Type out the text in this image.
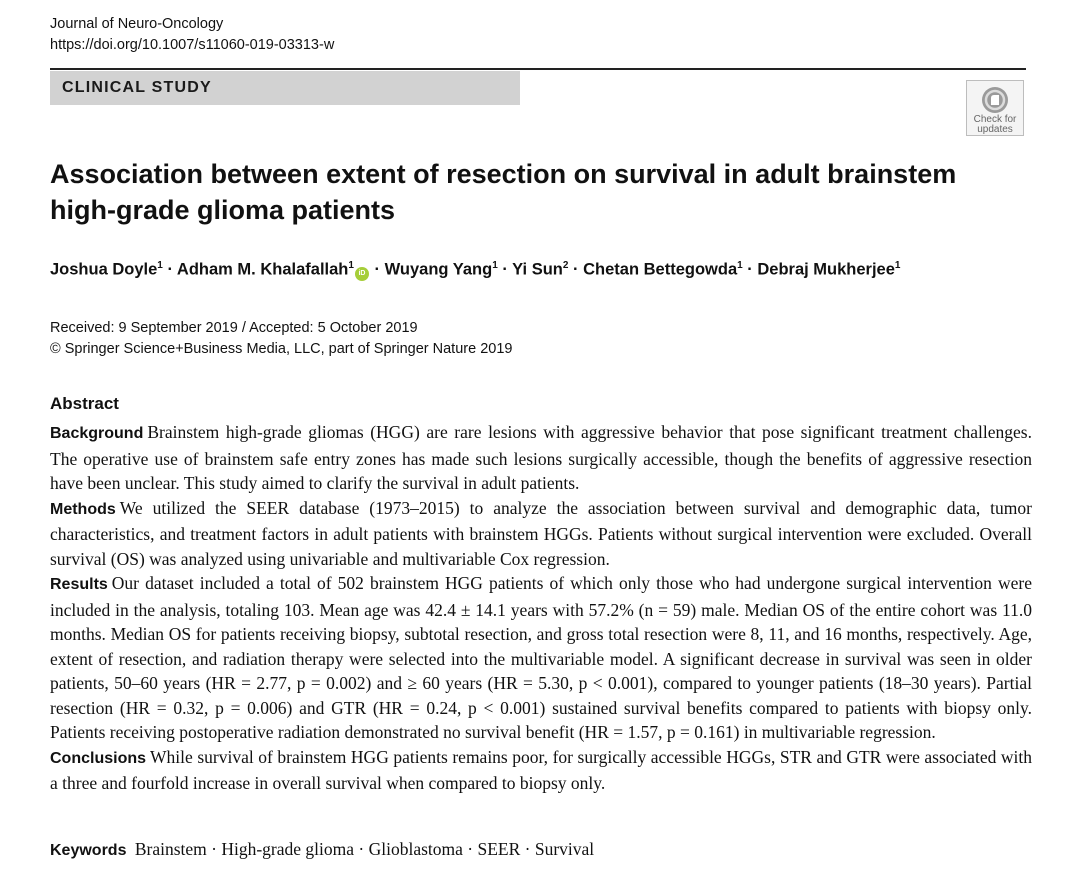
Journal of Neuro-Oncology
https://doi.org/10.1007/s11060-019-03313-w
CLINICAL STUDY
Check for
updates
Association between extent of resection on survival in adult brainstem
high-grade glioma patients
Joshua Doyle$^1$ · Adham M. Khalafallah$^1$iD · Wuyang Yang$^1$ · Yi Sun$^2$ · Chetan Bettegowda$^1$ · Debraj Mukherjee$^1$
Received: 9 September 2019 / Accepted: 5 October 2019
© Springer Science+Business Media, LLC, part of Springer Nature 2019
Abstract

Background Brainstem high-grade gliomas (HGG) are rare lesions with aggressive behavior that pose significant treatment challenges. The operative use of brainstem safe entry zones has made such lesions surgically accessible, though the benefits of aggressive resection have been unclear. This study aimed to clarify the survival in adult patients.

Methods We utilized the SEER database (1973–2015) to analyze the association between survival and demographic data, tumor characteristics, and treatment factors in adult patients with brainstem HGGs. Patients without surgical intervention were excluded. Overall survival (OS) was analyzed using univariable and multivariable Cox regression.

Results Our dataset included a total of 502 brainstem HGG patients of which only those who had undergone surgical intervention were included in the analysis, totaling 103. Mean age was 42.4 ± 14.1 years with 57.2% (n = 59) male. Median OS of the entire cohort was 11.0 months. Median OS for patients receiving biopsy, subtotal resection, and gross total resection were 8, 11, and 16 months, respectively. Age, extent of resection, and radiation therapy were selected into the multivariable model. A significant decrease in survival was seen in older patients, 50–60 years (HR = 2.77, p = 0.002) and ≥ 60 years (HR = 5.30, p < 0.001), compared to younger patients (18–30 years). Partial resection (HR = 0.32, p = 0.006) and GTR (HR = 0.24, p < 0.001) sustained survival benefits compared to patients with biopsy only. Patients receiving postoperative radiation demonstrated no survival benefit (HR = 1.57, p = 0.161) in multivariable regression.

Conclusions While survival of brainstem HGG patients remains poor, for surgically accessible HGGs, STR and GTR were associated with a three and fourfold increase in overall survival when compared to biopsy only.

Keywords Brainstem · High-grade glioma · Glioblastoma · SEER · Survival
